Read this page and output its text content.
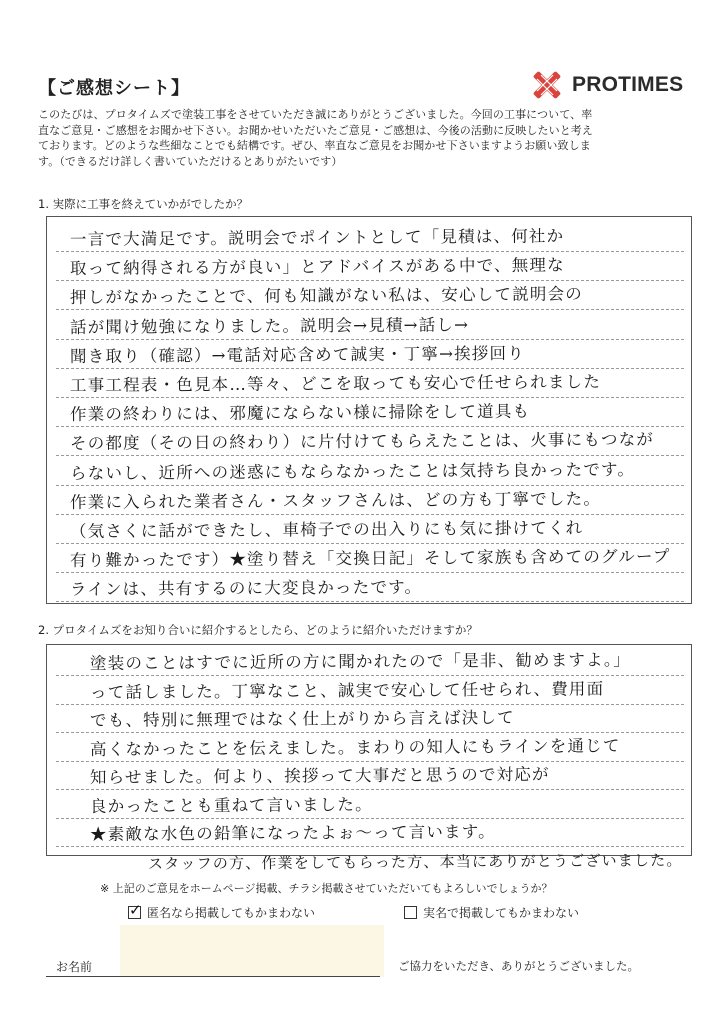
【ご感想シート】	PROTIMES

このたびは、プロタイムズで塗装工事をさせていただき誠にありがとうございました。今回の工事について、率

直なご意見・ご感想をお聞かせ下さい。お聞かせいただいたご意見・ご感想は、今後の活動に反映したいと考え

ております。どのような些細なことでも結構です。ぜひ、率直なご意見をお聞かせ下さいますようお願い致しま

す。（できるだけ詳しく書いていただけるとありがたいです）

1. 実際に工事を終えていかがでしたか？
一言で大満足です。説明会でポイントとして「見積は、何社か
取って納得される方が良い」とアドバイスがある中で、無理な
押しがなかったことで、何も知識がない私は、安心して説明会の
話が聞け勉強になりました。説明会→見積→話し→
聞き取り（確認）→電話対応含めて誠実・丁寧→挨拶回り
工事工程表・色見本…等々、どこを取っても安心で任せられました
作業の終わりには、邪魔にならない様に掃除をして道具も
その都度（その日の終わり）に片付けてもらえたことは、火事にもつなが
らないし、近所への迷惑にもならなかったことは気持ち良かったです。
作業に入られた業者さん・スタッフさんは、どの方も丁寧でした。
（気さくに話ができたし、車椅子での出入りにも気に掛けてくれ
有り難かったです）★塗り替え「交換日記」そして家族も含めてのグループ
ラインは、共有するのに大変良かったです。
2. プロタイムズをお知り合いに紹介するとしたら、どのように紹介いただけますか？
塗装のことはすでに近所の方に聞かれたので「是非、勧めますよ。」
って話しました。丁寧なこと、誠実で安心して任せられ、費用面
でも、特別に無理ではなく仕上がりから言えば決して
高くなかったことを伝えました。まわりの知人にもラインを通じて
知らせました。何より、挨拶って大事だと思うので対応が
良かったことも重ねて言いました。
★素敵な水色の鉛筆になったよぉ～って言います。
スタッフの方、作業をしてもらった方、本当にありがとうございました。
※ 上記のご意見をホームページ掲載、チラシ掲載させていただいてもよろしいでしょうか？
✓ 匿名なら掲載してもかまわない	実名で掲載してもかまわない
お名前	ご協力をいただき、ありがとうございました。
